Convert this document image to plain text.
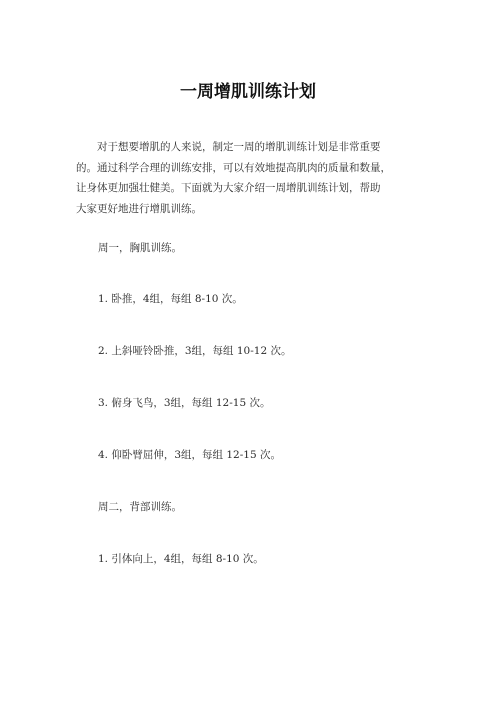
一周增肌训练计划
对于想要增肌的人来说，制定一周的增肌训练计划是非常重要
的。通过科学合理的训练安排，可以有效地提高肌肉的质量和数量，
让身体更加强壮健美。下面就为大家介绍一周增肌训练计划，帮助
大家更好地进行增肌训练。
周一，胸肌训练。
1. 卧推，4组，每组 8-10 次。
2. 上斜哑铃卧推，3组，每组 10-12 次。
3. 俯身飞鸟，3组，每组 12-15 次。
4. 仰卧臂屈伸，3组，每组 12-15 次。
周二，背部训练。
1. 引体向上，4组，每组 8-10 次。
